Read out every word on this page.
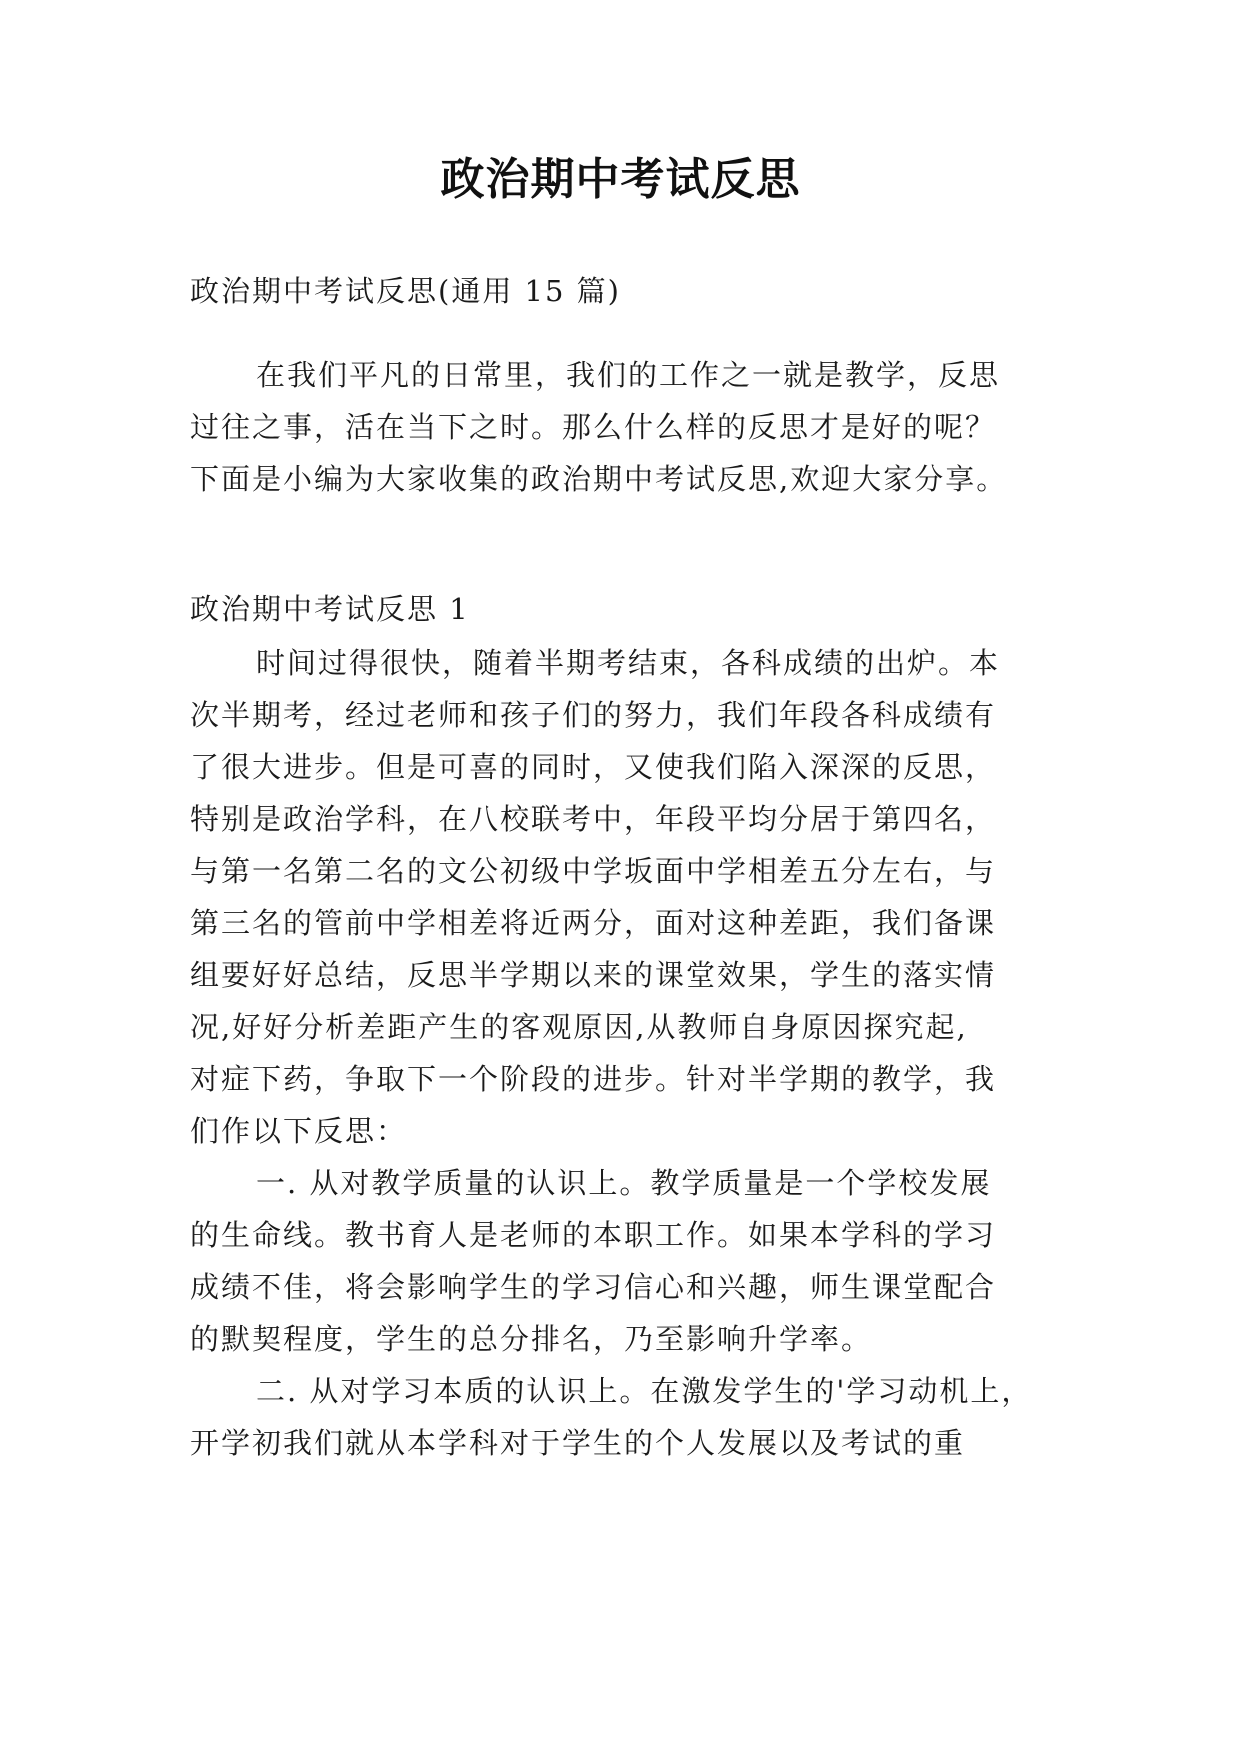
政治期中考试反思
政治期中考试反思(通用 15 篇)
在我们平凡的日常里，我们的工作之一就是教学，反思
过往之事，活在当下之时。那么什么样的反思才是好的呢？
下面是小编为大家收集的政治期中考试反思,欢迎大家分享。
政治期中考试反思 1
时间过得很快，随着半期考结束，各科成绩的出炉。本
次半期考，经过老师和孩子们的努力，我们年段各科成绩有
了很大进步。但是可喜的同时，又使我们陷入深深的反思，
特别是政治学科，在八校联考中，年段平均分居于第四名，
与第一名第二名的文公初级中学坂面中学相差五分左右，与
第三名的管前中学相差将近两分，面对这种差距，我们备课
组要好好总结，反思半学期以来的课堂效果，学生的落实情
况,好好分析差距产生的客观原因,从教师自身原因探究起,
对症下药，争取下一个阶段的进步。针对半学期的教学，我
们作以下反思：
一. 从对教学质量的认识上。教学质量是一个学校发展
的生命线。教书育人是老师的本职工作。如果本学科的学习
成绩不佳，将会影响学生的学习信心和兴趣，师生课堂配合
的默契程度，学生的总分排名，乃至影响升学率。
二. 从对学习本质的认识上。在激发学生的'学习动机上，
开学初我们就从本学科对于学生的个人发展以及考试的重
